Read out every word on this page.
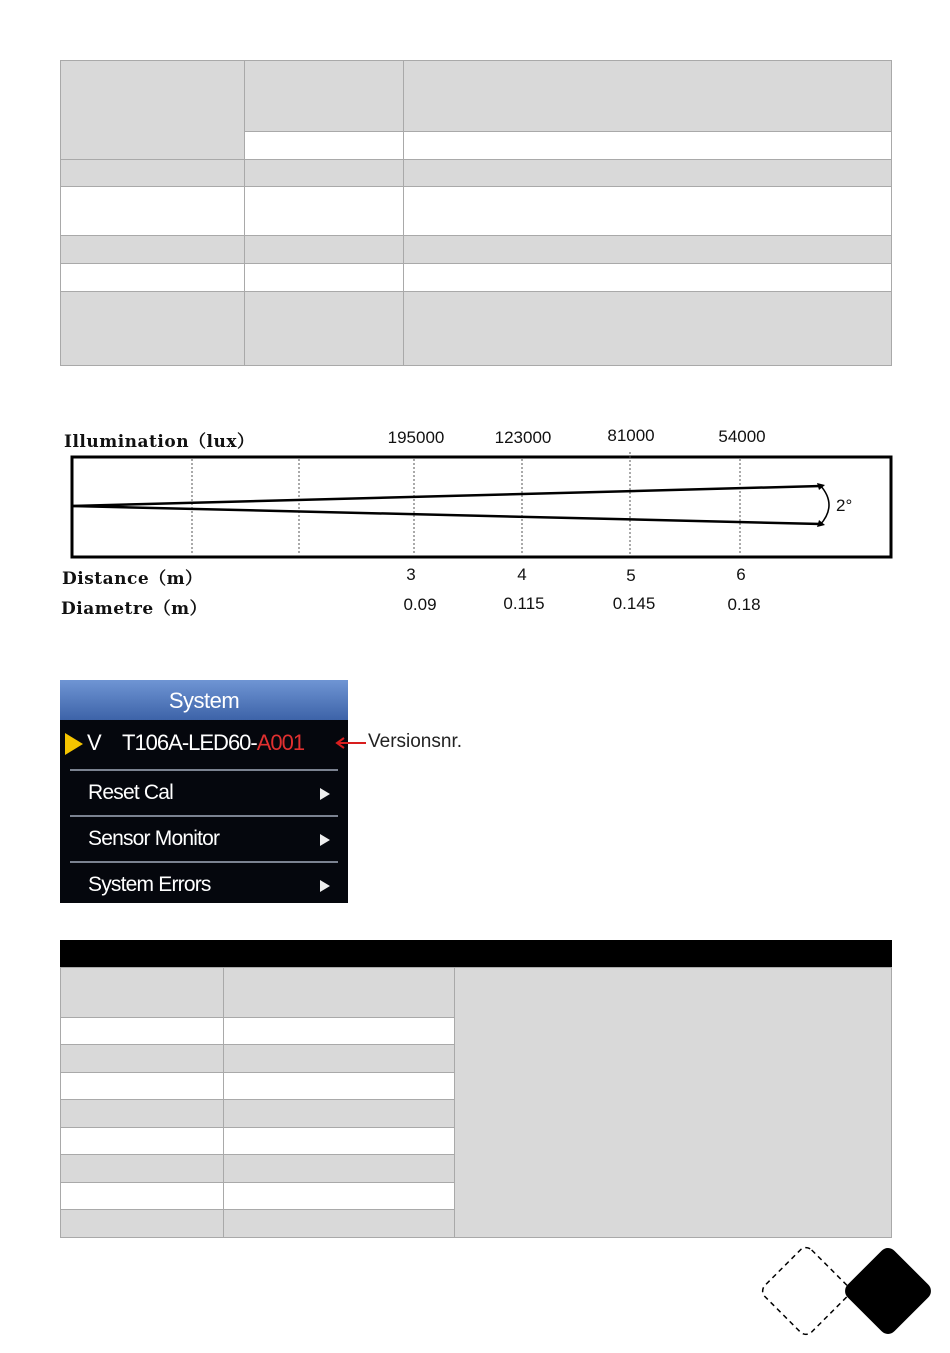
Illumination（lux）	195000	123000	81000	54000
2°
Distance（m）	3	4	5	6
Diametre（m）	0.09	0.115	0.145	0.18
System
V T106A-LED60-A001
Reset Cal
Sensor Monitor
System Errors
Versionsnr.
